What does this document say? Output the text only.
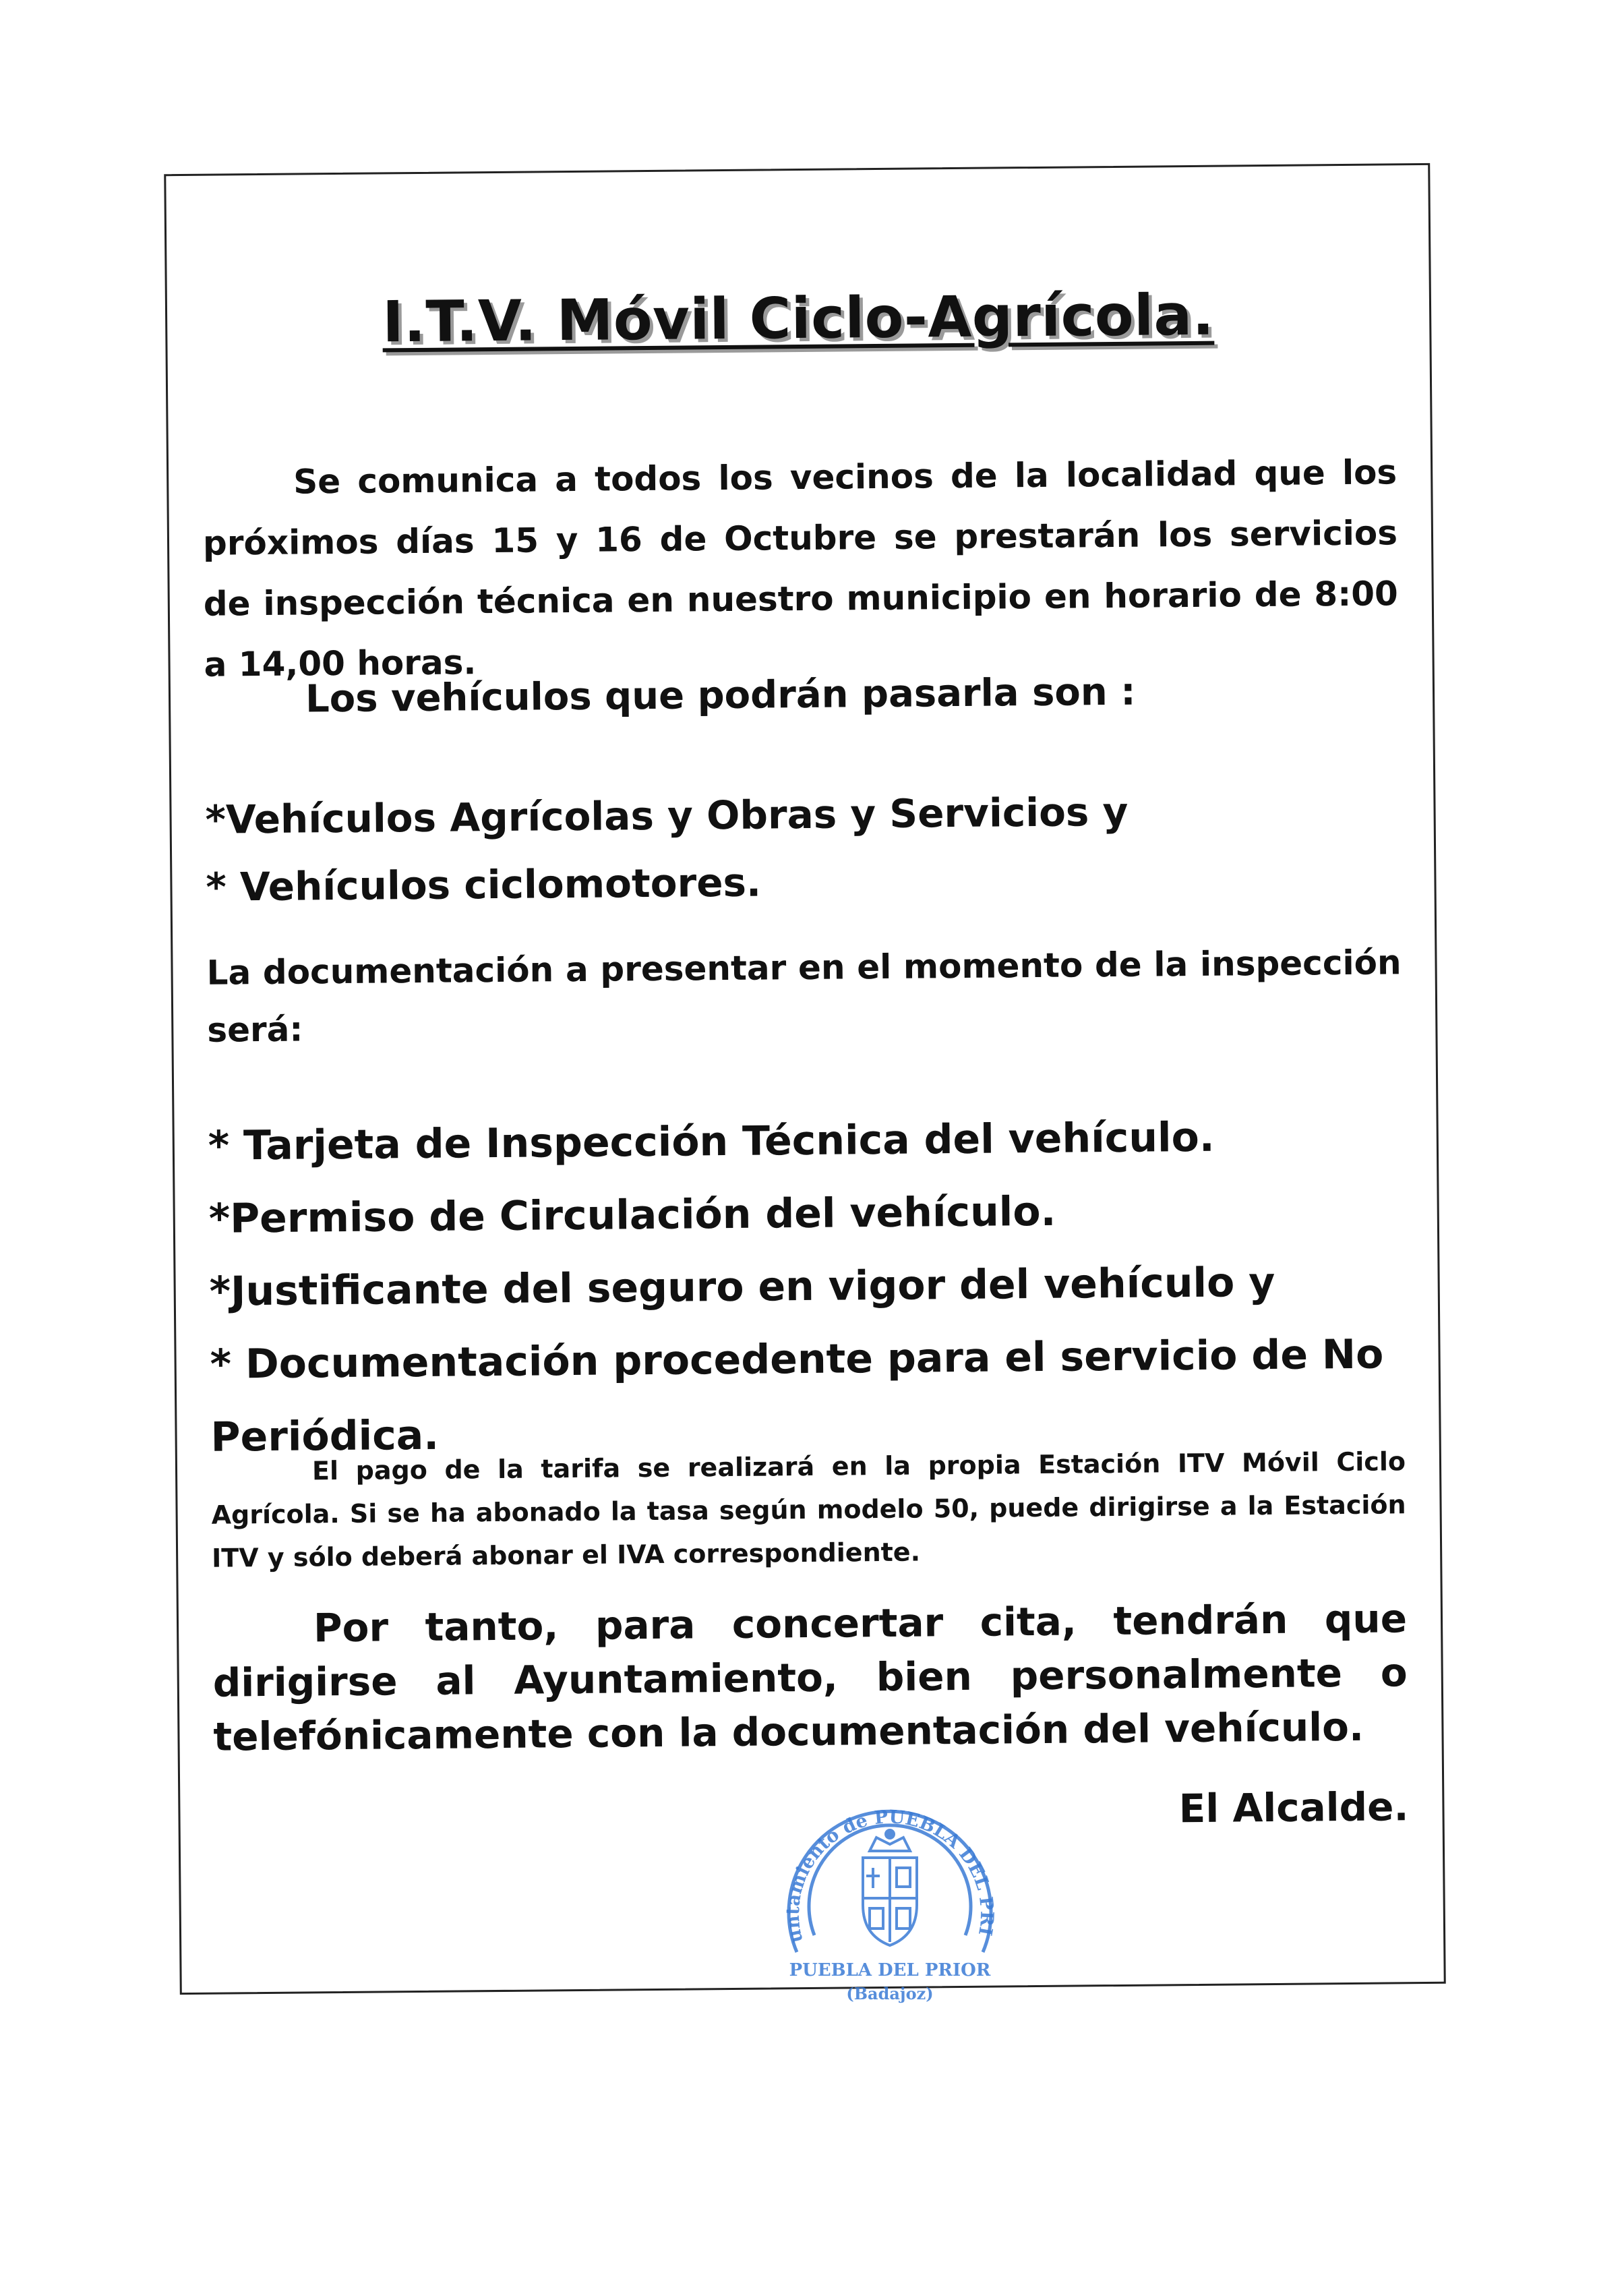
I.T.V. Móvil Ciclo-Agrícola.

Se comunica a todos los vecinos de la localidad que los próximos días 15 y 16 de Octubre se prestarán los servicios de inspección técnica en nuestro municipio en horario de 8:00 a 14,00 horas.

Los vehículos que podrán pasarla son :
*Vehículos Agrícolas y Obras y Servicios y
* Vehículos ciclomotores.

La documentación a presentar en el momento de la inspección será:

* Tarjeta de Inspección Técnica del vehículo.
*Permiso de Circulación del vehículo.
*Justificante del seguro en vigor del vehículo y
* Documentación procedente para el servicio de No Periódica.

El pago de la tarifa se realizará en la propia Estación ITV Móvil Ciclo Agrícola. Si se ha abonado la tasa según modelo 50, puede dirigirse a la Estación ITV y sólo deberá abonar el IVA correspondiente.

Por tanto, para concertar cita, tendrán que dirigirse al Ayuntamiento, bien personalmente o telefónicamente con la documentación del vehículo.

El Alcalde.
untamiento de PUEBLA DEL PRI
PUEBLA DEL PRIOR
(Badajoz)
